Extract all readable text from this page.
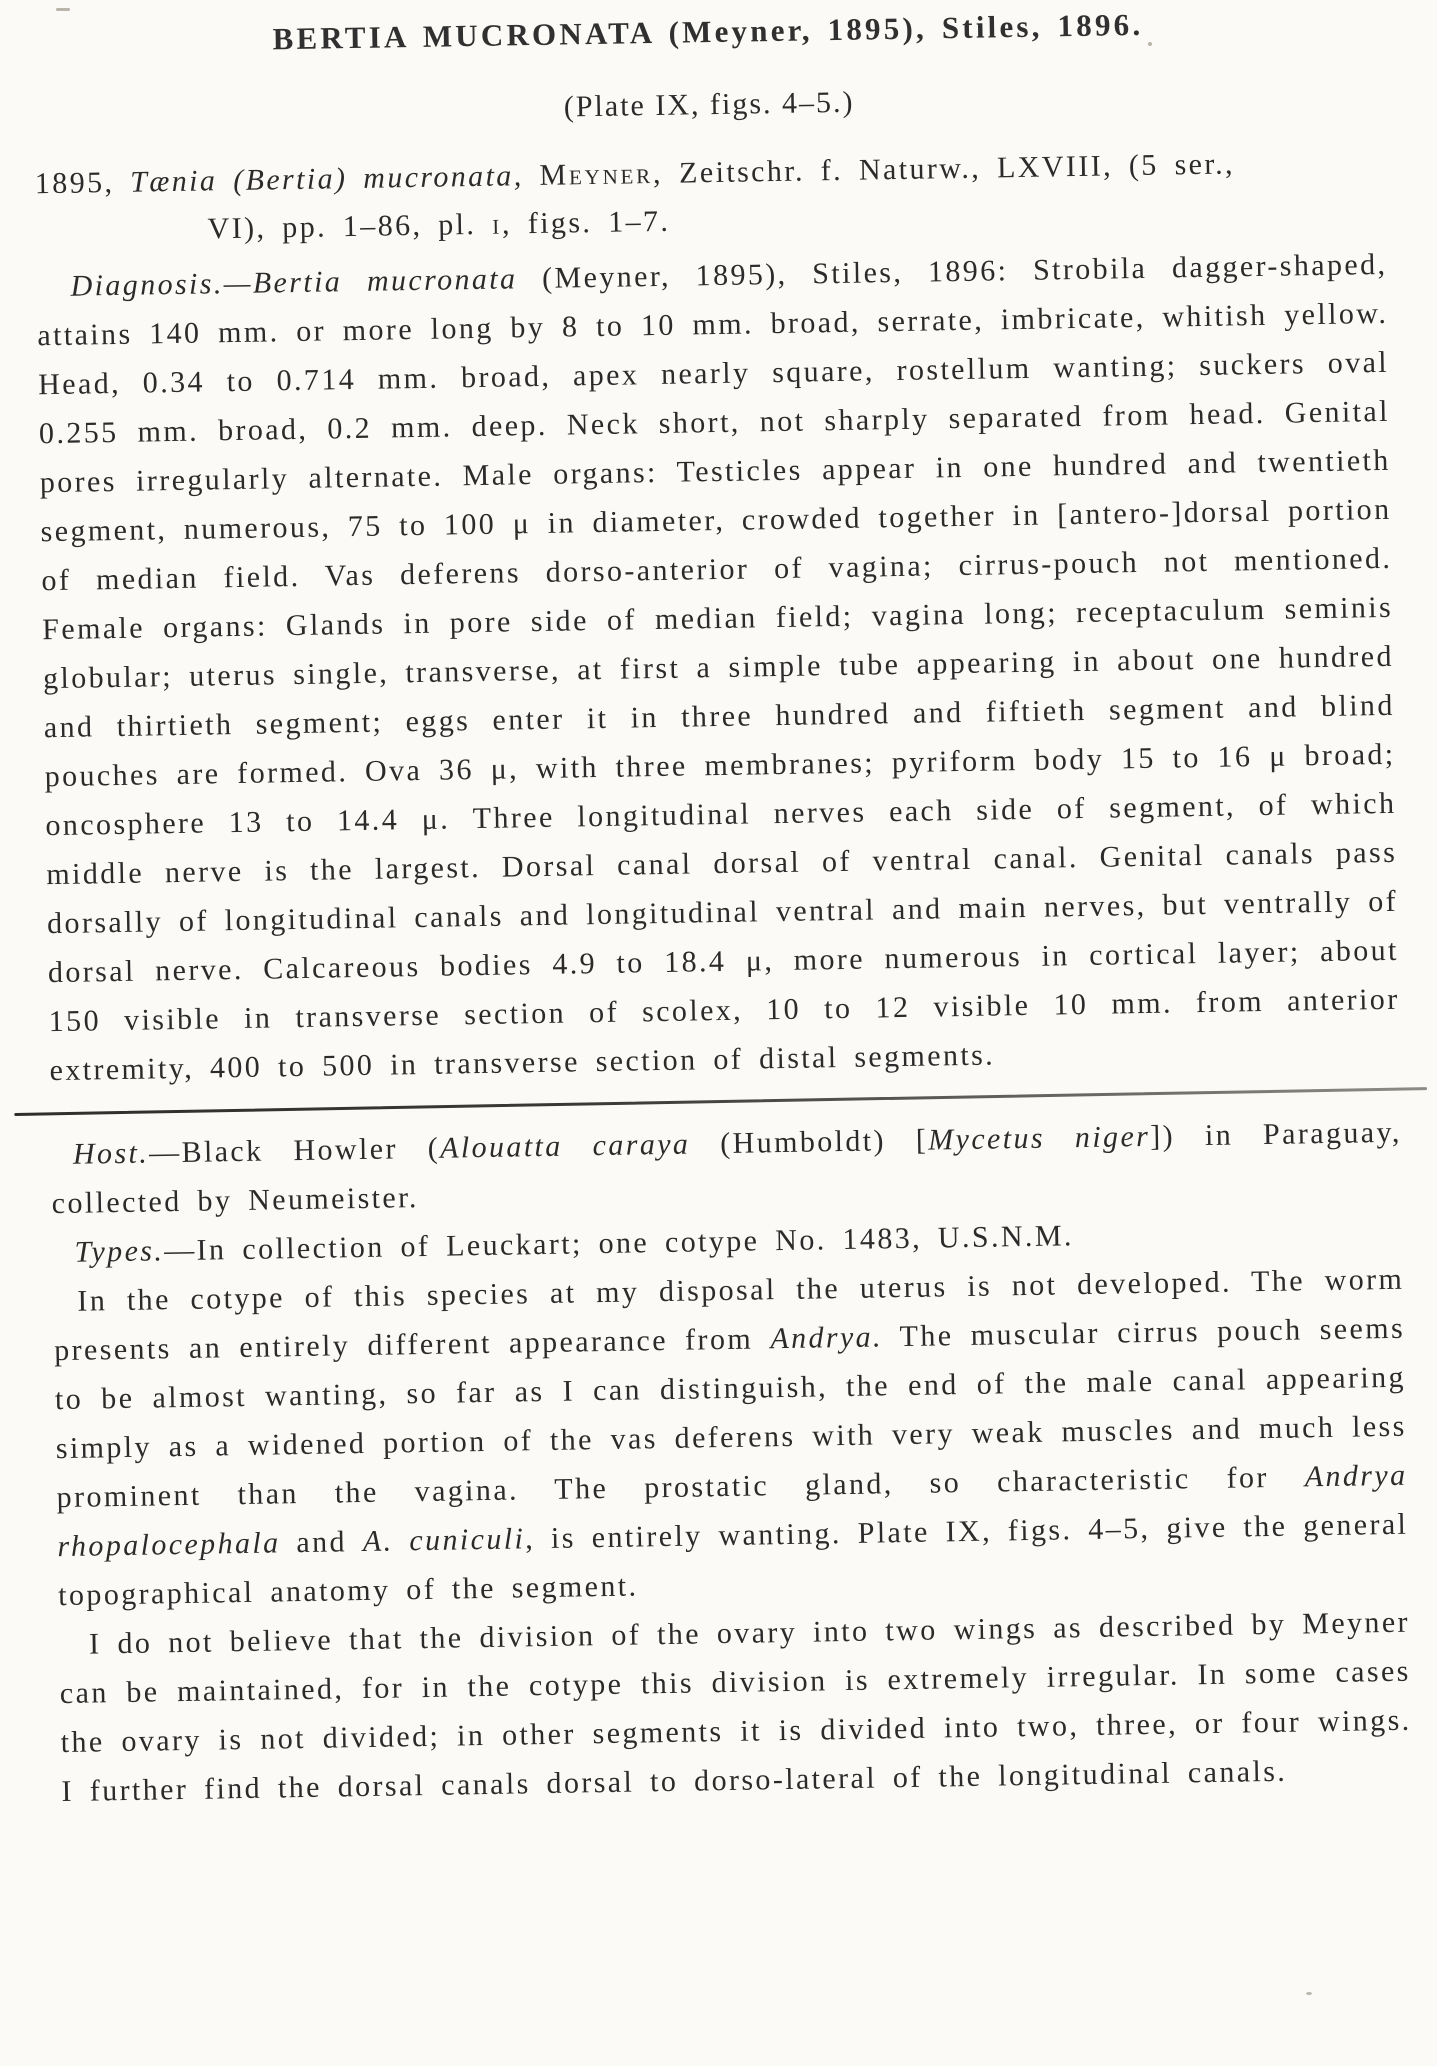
BERTIA MUCRONATA (Meyner, 1895), Stiles, 1896.
(Plate IX, figs. 4–5.)

1895, Tænia (Bertia) mucronata, Meyner, Zeitschr. f. Naturw., LXVIII, (5 ser.,
VI), pp. 1–86, pl. i, figs. 1–7.

Diagnosis.—Bertia mucronata (Meyner, 1895), Stiles, 1896: Strobila dagger-shaped, attains 140 mm. or more long by 8 to 10 mm. broad, serrate, imbricate, whitish yellow. Head, 0.34 to 0.714 mm. broad, apex nearly square, rostellum wanting; suckers oval 0.255 mm. broad, 0.2 mm. deep. Neck short, not sharply separated from head. Genital pores irregularly alternate. Male organs: Testicles appear in one hundred and twentieth segment, numerous, 75 to 100 μ in diameter, crowded together in [antero-]dorsal portion of median field. Vas deferens dorso-anterior of vagina; cirrus-pouch not mentioned. Female organs: Glands in pore side of median field; vagina long; receptaculum seminis globular; uterus single, transverse, at first a simple tube appearing in about one hundred and thirtieth segment; eggs enter it in three hundred and fiftieth segment and blind pouches are formed. Ova 36 μ, with three membranes; pyriform body 15 to 16 μ broad; oncosphere 13 to 14.4 μ. Three longitudinal nerves each side of segment, of which middle nerve is the largest. Dorsal canal dorsal of ventral canal. Genital canals pass dorsally of longitudinal canals and longitudinal ventral and main nerves, but ventrally of dorsal nerve. Calcareous bodies 4.9 to 18.4 μ, more numerous in cortical layer; about 150 visible in transverse section of scolex, 10 to 12 visible 10 mm. from anterior extremity, 400 to 500 in transverse section of distal segments.

Host.—Black Howler (Alouatta caraya (Humboldt) [Mycetus niger]) in Paraguay, collected by Neumeister.

Types.—In collection of Leuckart; one cotype No. 1483, U.S.N.M.

In the cotype of this species at my disposal the uterus is not developed. The worm presents an entirely different appearance from Andrya. The muscular cirrus pouch seems to be almost wanting, so far as I can distinguish, the end of the male canal appearing simply as a widened portion of the vas deferens with very weak muscles and much less prominent than the vagina. The prostatic gland, so characteristic for Andrya rhopalocephala and A. cuniculi, is entirely wanting. Plate IX, figs. 4–5, give the general topographical anatomy of the segment.

I do not believe that the division of the ovary into two wings as described by Meyner can be maintained, for in the cotype this division is extremely irregular. In some cases the ovary is not divided; in other segments it is divided into two, three, or four wings. I further find the dorsal canals dorsal to dorso-lateral of the longitudinal canals.
